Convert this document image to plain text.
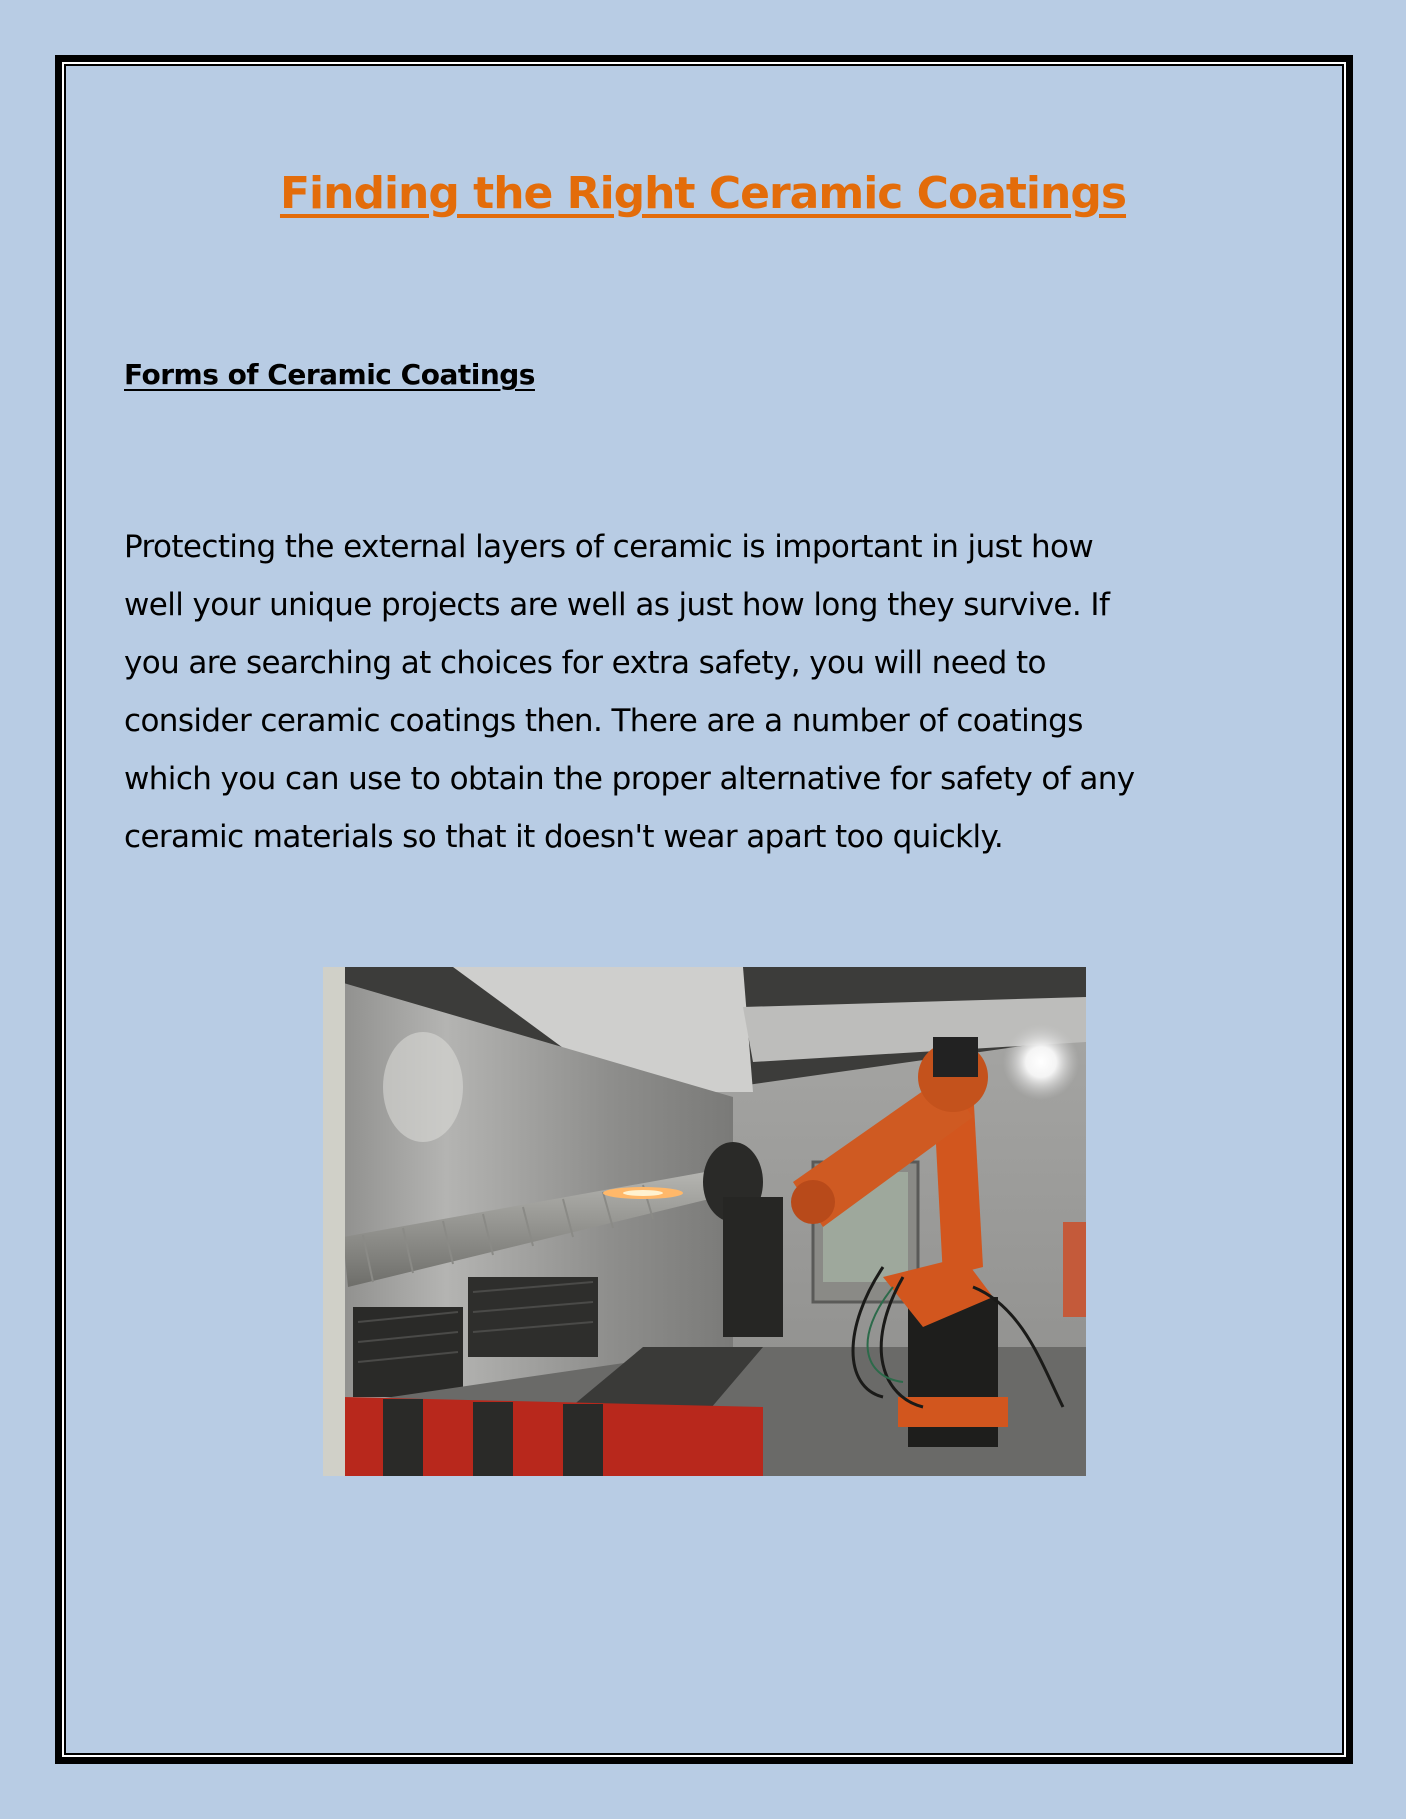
Finding the Right Ceramic Coatings
Forms of Ceramic Coatings
Protecting the external layers of ceramic is important in just how
well your unique projects are well as just how long they survive. If
you are searching at choices for extra safety, you will need to
consider ceramic coatings then. There are a number of coatings
which you can use to obtain the proper alternative for safety of any
ceramic materials so that it doesn't wear apart too quickly.
